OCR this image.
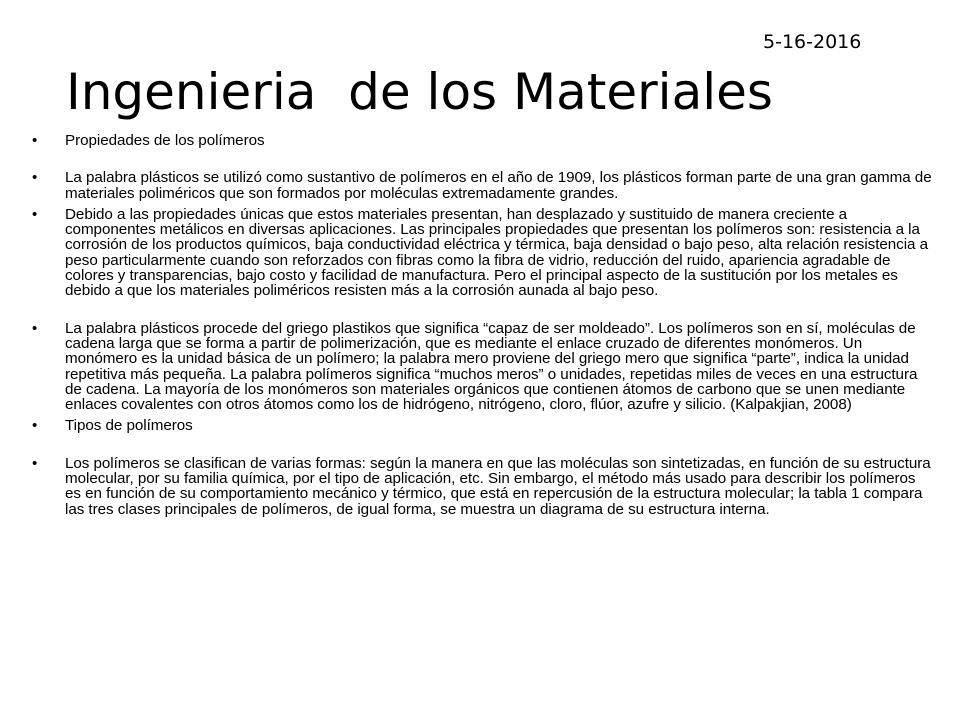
5-16-2016
Ingenieria  de los Materiales
• Propiedades de los polímeros
• La palabra plásticos se utilizó como sustantivo de polímeros en el año de 1909, los plásticos forman parte de una gran gamma de materiales poliméricos que son formados por moléculas extremadamente grandes.
• Debido a las propiedades únicas que estos materiales presentan, han desplazado y sustituido de manera creciente a componentes metálicos en diversas aplicaciones. Las principales propiedades que presentan los polímeros son: resistencia a la corrosión de los productos químicos, baja conductividad eléctrica y térmica, baja densidad o bajo peso, alta relación resistencia a peso particularmente cuando son reforzados con fibras como la fibra de vidrio, reducción del ruido, apariencia agradable de colores y transparencias, bajo costo y facilidad de manufactura. Pero el principal aspecto de la sustitución por los metales es debido a que los materiales poliméricos resisten más a la corrosión aunada al bajo peso.
• La palabra plásticos procede del griego plastikos que significa “capaz de ser moldeado”. Los polímeros son en sí, moléculas de cadena larga que se forma a partir de polimerización, que es mediante el enlace cruzado de diferentes monómeros. Un monómero es la unidad básica de un polímero; la palabra mero proviene del griego mero que significa “parte”, indica la unidad repetitiva más pequeña. La palabra polímeros significa “muchos meros” o unidades, repetidas miles de veces en una estructura de cadena. La mayoría de los monómeros son materiales orgánicos que contienen átomos de carbono que se unen mediante enlaces covalentes con otros átomos como los de hidrógeno, nitrógeno, cloro, flúor, azufre y silicio. (Kalpakjian, 2008)
• Tipos de polímeros
• Los polímeros se clasifican de varias formas: según la manera en que las moléculas son sintetizadas, en función de su estructura molecular, por su familia química, por el tipo de aplicación, etc. Sin embargo, el método más usado para describir los polímeros es en función de su comportamiento mecánico y térmico, que está en repercusión de la estructura molecular; la tabla 1 compara las tres clases principales de polímeros, de igual forma, se muestra un diagrama de su estructura interna.
